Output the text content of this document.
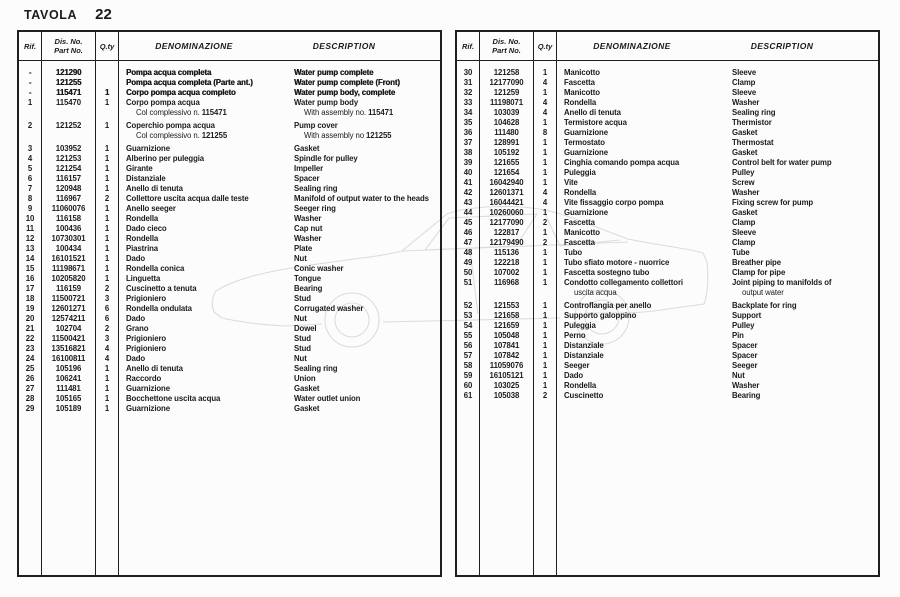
TAVOLA 22
Rif.	Dis. No.
Part No.	Q.ty	DENOMINAZIONE	DESCRIPTION
-	121290	Pompa acqua completa	Water pump complete
-	121255	Pompa acqua completa (Parte ant.)	Water pump complete (Front)
-	115471	1	Corpo pompa acqua completo	Water pump body, complete
1	115470	1	Corpo pompa acqua	Water pump body
Col complessivo n. 115471	With assembly no. 115471
2	121252	1	Coperchio pompa acqua	Pump cover
Col complessivo n. 121255	With assembly no 121255
3	103952	1	Guarnizione	Gasket
4	121253	1	Alberino per puleggia	Spindle for pulley
5	121254	1	Girante	Impeller
6	116157	1	Distanziale	Spacer
7	120948	1	Anello di tenuta	Sealing ring
8	116967	2	Collettore uscita acqua dalle teste	Manifold of output water to the heads
9	11060076	1	Anello seeger	Seeger ring
10	116158	1	Rondella	Washer
11	100436	1	Dado cieco	Cap nut
12	10730301	1	Rondella	Washer
13	100434	1	Piastrina	Plate
14	16101521	1	Dado	Nut
15	11198671	1	Rondella conica	Conic washer
16	10205820	1	Linguetta	Tongue
17	116159	2	Cuscinetto a tenuta	Bearing
18	11500721	3	Prigioniero	Stud
19	12601271	6	Rondella ondulata	Corrugated washer
20	12574211	6	Dado	Nut
21	102704	2	Grano	Dowel
22	11500421	3	Prigioniero	Stud
23	13516821	4	Prigioniero	Stud
24	16100811	4	Dado	Nut
25	105196	1	Anello di tenuta	Sealing ring
26	106241	1	Raccordo	Union
27	111481	1	Guarnizione	Gasket
28	105165	1	Bocchettone uscita acqua	Water outlet union
29	105189	1	Guarnizione	Gasket
Rif.	Dis. No.
Part No.	Q.ty	DENOMINAZIONE	DESCRIPTION
30	121258	1	Manicotto	Sleeve
31	12177090	4	Fascetta	Clamp
32	121259	1	Manicotto	Sleeve
33	11198071	4	Rondella	Washer
34	103039	4	Anello di tenuta	Sealing ring
35	104628	1	Termistore acqua	Thermistor
36	111480	8	Guarnizione	Gasket
37	128991	1	Termostato	Thermostat
38	105192	1	Guarnizione	Gasket
39	121655	1	Cinghia comando pompa acqua	Control belt for water pump
40	121654	1	Puleggia	Pulley
41	16042940	1	Vite	Screw
42	12601371	4	Rondella	Washer
43	16044421	4	Vite fissaggio corpo pompa	Fixing screw for pump
44	10260060	1	Guarnizione	Gasket
45	12177090	2	Fascetta	Clamp
46	122817	1	Manicotto	Sleeve
47	12179490	2	Fascetta	Clamp
48	115136	1	Tubo	Tube
49	122218	1	Tubo sfiato motore - nuorrice	Breather pipe
50	107002	1	Fascetta sostegno tubo	Clamp for pipe
51	116968	1	Condotto collegamento collettori	Joint piping to manifolds of
uscita acqua	output water
52	121553	1	Controflangia per anello	Backplate for ring
53	121658	1	Supporto galoppino	Support
54	121659	1	Puleggia	Pulley
55	105048	1	Perno	Pin
56	107841	1	Distanziale	Spacer
57	107842	1	Distanziale	Spacer
58	11059076	1	Seeger	Seeger
59	16105121	1	Dado	Nut
60	103025	1	Rondella	Washer
61	105038	2	Cuscinetto	Bearing
